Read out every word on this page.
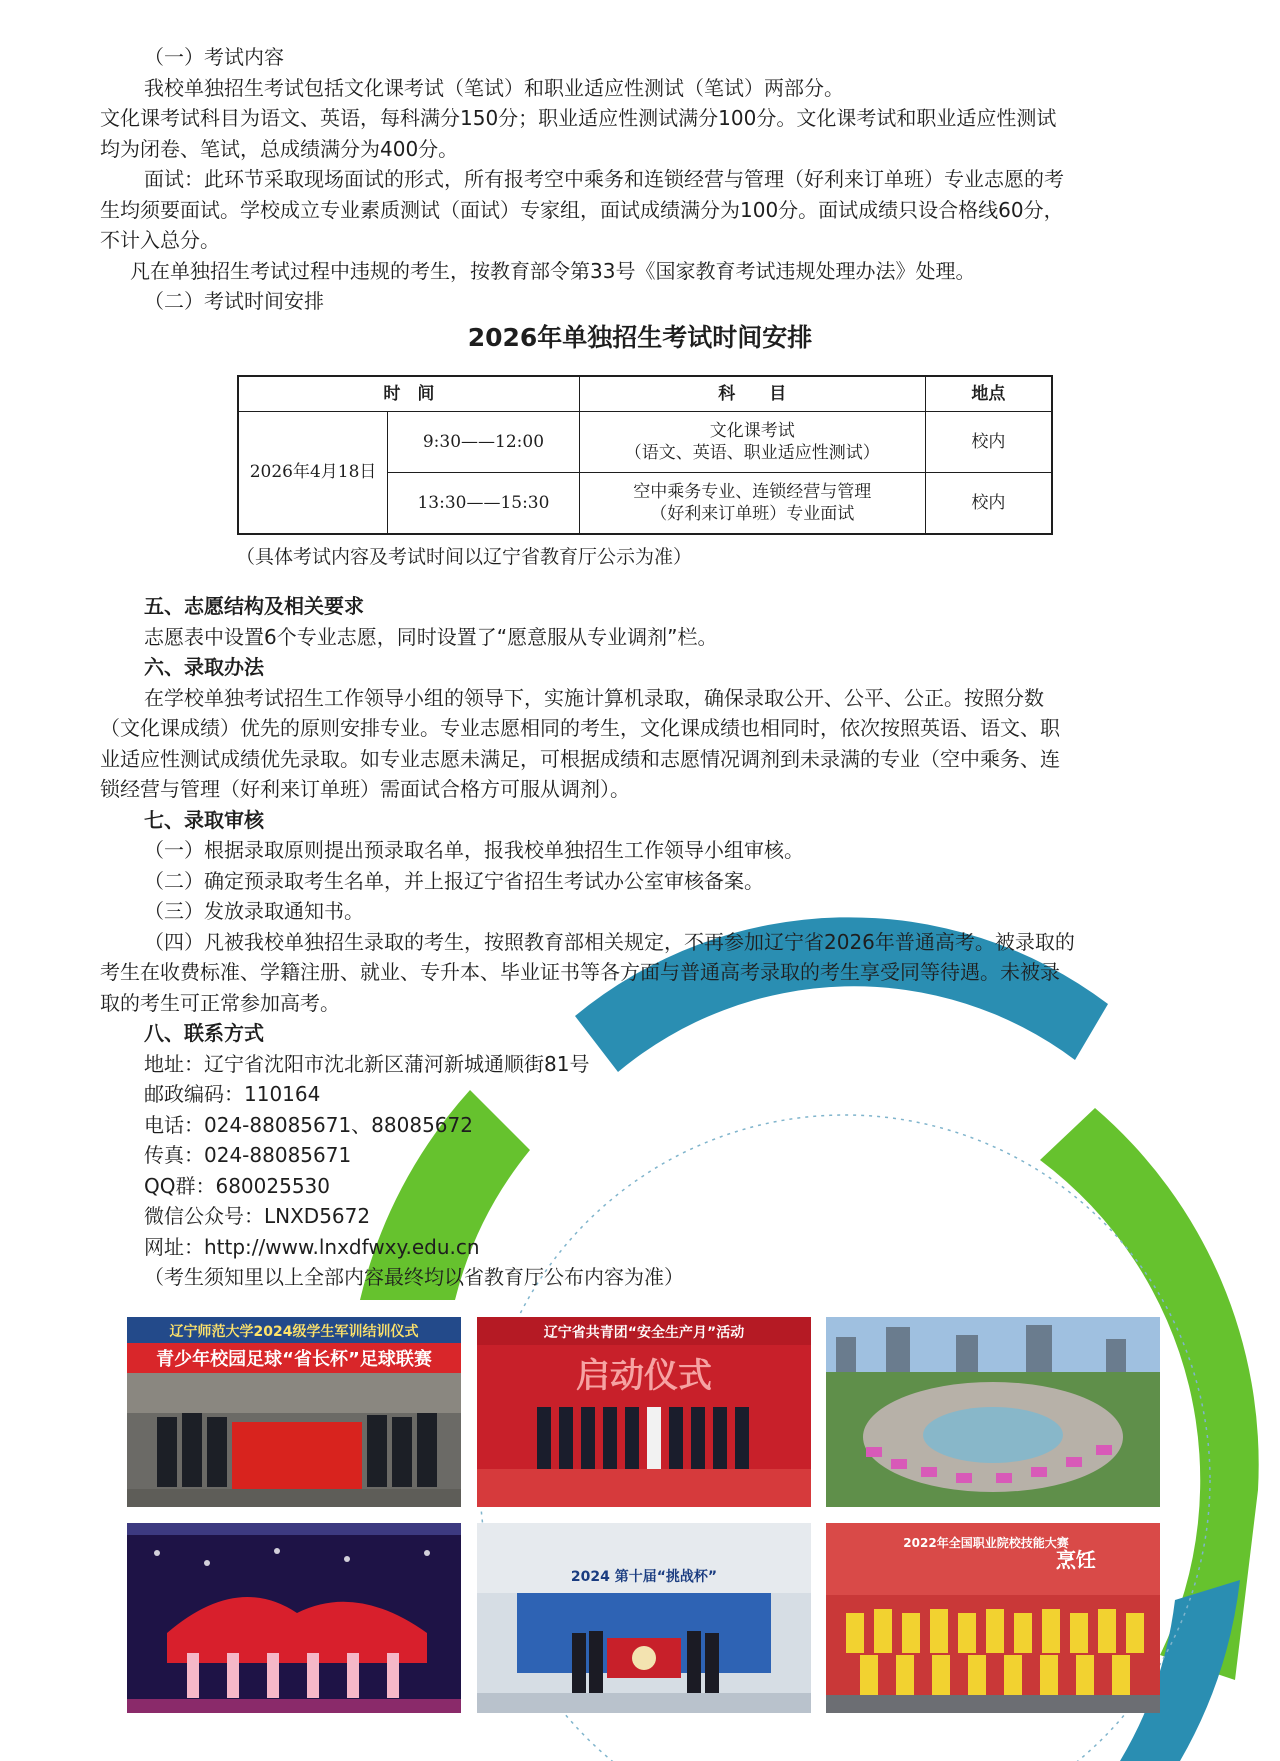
（一）考试内容

我校单独招生考试包括文化课考试（笔试）和职业适应性测试（笔试）两部分。

文化课考试科目为语文、英语，每科满分150分；职业适应性测试满分100分。文化课考试和职业适应性测试

均为闭卷、笔试，总成绩满分为400分。

面试：此环节采取现场面试的形式，所有报考空中乘务和连锁经营与管理（好利来订单班）专业志愿的考

生均须要面试。学校成立专业素质测试（面试）专家组，面试成绩满分为100分。面试成绩只设合格线60分，

不计入总分。

凡在单独招生考试过程中违规的考生，按教育部令第33号《国家教育考试违规处理办法》处理。

（二）考试时间安排

2026年单独招生考试时间安排
时　间		科　　目	地点
2026年4月18日	9:30——12:00	文化课考试
（语文、英语、职业适应性测试）	校内
	13:30——15:30	空中乘务专业、连锁经营与管理
（好利来订单班）专业面试	校内
（具体考试内容及考试时间以辽宁省教育厅公示为准）

五、志愿结构及相关要求

志愿表中设置6个专业志愿，同时设置了“愿意服从专业调剂”栏。

六、录取办法

在学校单独考试招生工作领导小组的领导下，实施计算机录取，确保录取公开、公平、公正。按照分数

（文化课成绩）优先的原则安排专业。专业志愿相同的考生，文化课成绩也相同时，依次按照英语、语文、职

业适应性测试成绩优先录取。如专业志愿未满足，可根据成绩和志愿情况调剂到未录满的专业（空中乘务、连

锁经营与管理（好利来订单班）需面试合格方可服从调剂）。

七、录取审核

（一）根据录取原则提出预录取名单，报我校单独招生工作领导小组审核。

（二）确定预录取考生名单，并上报辽宁省招生考试办公室审核备案。

（三）发放录取通知书。

（四）凡被我校单独招生录取的考生，按照教育部相关规定，不再参加辽宁省2026年普通高考。被录取的

考生在收费标准、学籍注册、就业、专升本、毕业证书等各方面与普通高考录取的考生享受同等待遇。未被录

取的考生可正常参加高考。

八、联系方式

地址：辽宁省沈阳市沈北新区蒲河新城通顺街81号

邮政编码：110164

电话：024-88085671、88085672

传真：024-88085671

QQ群：680025530

微信公众号：LNXD5672

网址：http://www.lnxdfwxy.edu.cn

（考生须知里以上全部内容最终均以省教育厅公布内容为准）

辽宁师范大学2024级学生军训结训仪式
青少年校园足球“省长杯”足球联赛
辽宁省共青团“安全生产月”活动
启动仪式
2024 第十届“挑战杯”
2022年全国职业院校技能大赛
烹饪
